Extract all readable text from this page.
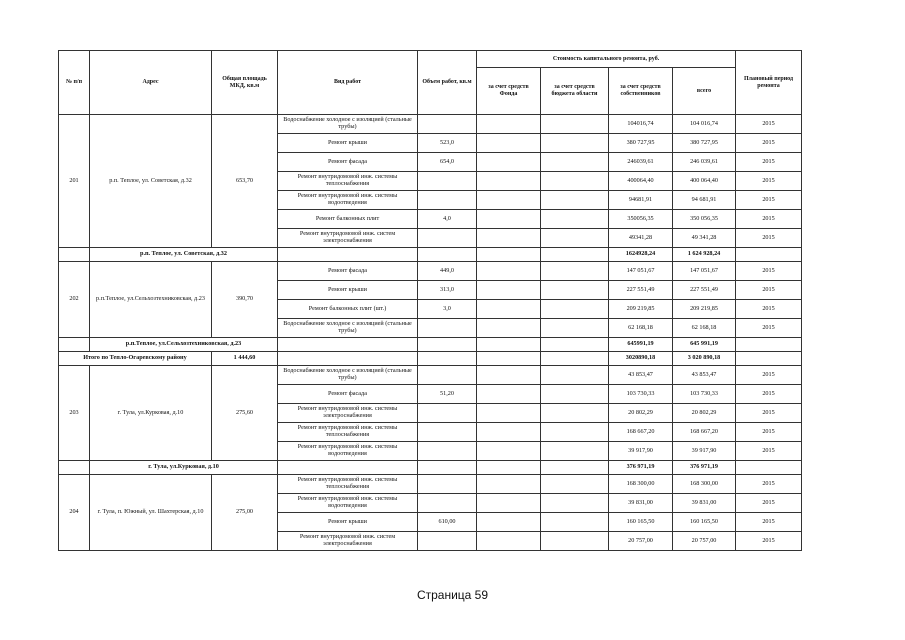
№ п/п	Адрес	Общая площадь МКД, кв.м	Вид работ	Объем работ, кв.м	Стоимость капитального ремонта, руб.				Плановый период ремонта
					за счет средств Фонда	за счет средств бюджета области	за счет средств собственников	всего	
201	р.п. Теплое, ул. Советская, д.32	653,70	Водоснабжение холодное с изоляцией (стальные трубы)				104016,74	104 016,74	2015
			Ремонт крыши	523,0			380 727,95	380 727,95	2015
			Ремонт фасада	654,0			246039,61	246 039,61	2015
			Ремонт внутридомовой инж. системы теплоснабжения				400064,40	400 064,40	2015
			Ремонт внутридомовой инж. системы водоотведения				94681,91	94 681,91	2015
			Ремонт балконных плит	4,0			350056,35	350 056,35	2015
			Ремонт внутридомовой инж. систем электроснабжения				49341,28	49 341,28	2015
	р.п. Теплое, ул. Советская, д.32						1624928,24	1 624 928,24	
202	р.п.Теплое, ул.Сельхозтехниковская, д.23	390,70	Ремонт фасада	449,0			147 051,67	147 051,67	2015
			Ремонт крыши	313,0			227 551,49	227 551,49	2015
			Ремонт балконных плит (шт.)	3,0			209 219,85	209 219,85	2015
			Водоснабжение холодное с изоляцией (стальные трубы)				62 168,18	62 168,18	2015
	р.п.Теплое, ул.Сельхозтехниковская, д.23						645991,19	645 991,19	
Итого по Тепло-Огаревскому району		1 444,60					3020890,18	3 020 890,18	
203	г. Тула, ул.Курковая, д.10	275,60	Водоснабжение холодное с изоляцией (стальные трубы)				43 853,47	43 853,47	2015
			Ремонт фасада	51,20			103 730,33	103 730,33	2015
			Ремонт внутридомовой инж. системы электроснабжения				20 802,29	20 802,29	2015
			Ремонт внутридомовой инж. системы теплоснабжения				168 667,20	168 667,20	2015
			Ремонт внутридомовой инж. системы водоотведения				39 917,90	39 917,90	2015
	г. Тула, ул.Курковая, д.10						376 971,19	376 971,19	
204	г. Тула, п. Южный, ул. Шахтерская, д.10	275,00	Ремонт внутридомовой инж. системы теплоснабжения				168 300,00	168 300,00	2015
			Ремонт внутридомовой инж. системы водоотведения				39 831,00	39 831,00	2015
			Ремонт крыши	610,00			160 165,50	160 165,50	2015
			Ремонт внутридомовой инж. систем электроснабжения				20 757,00	20 757,00	2015
Страница 59
